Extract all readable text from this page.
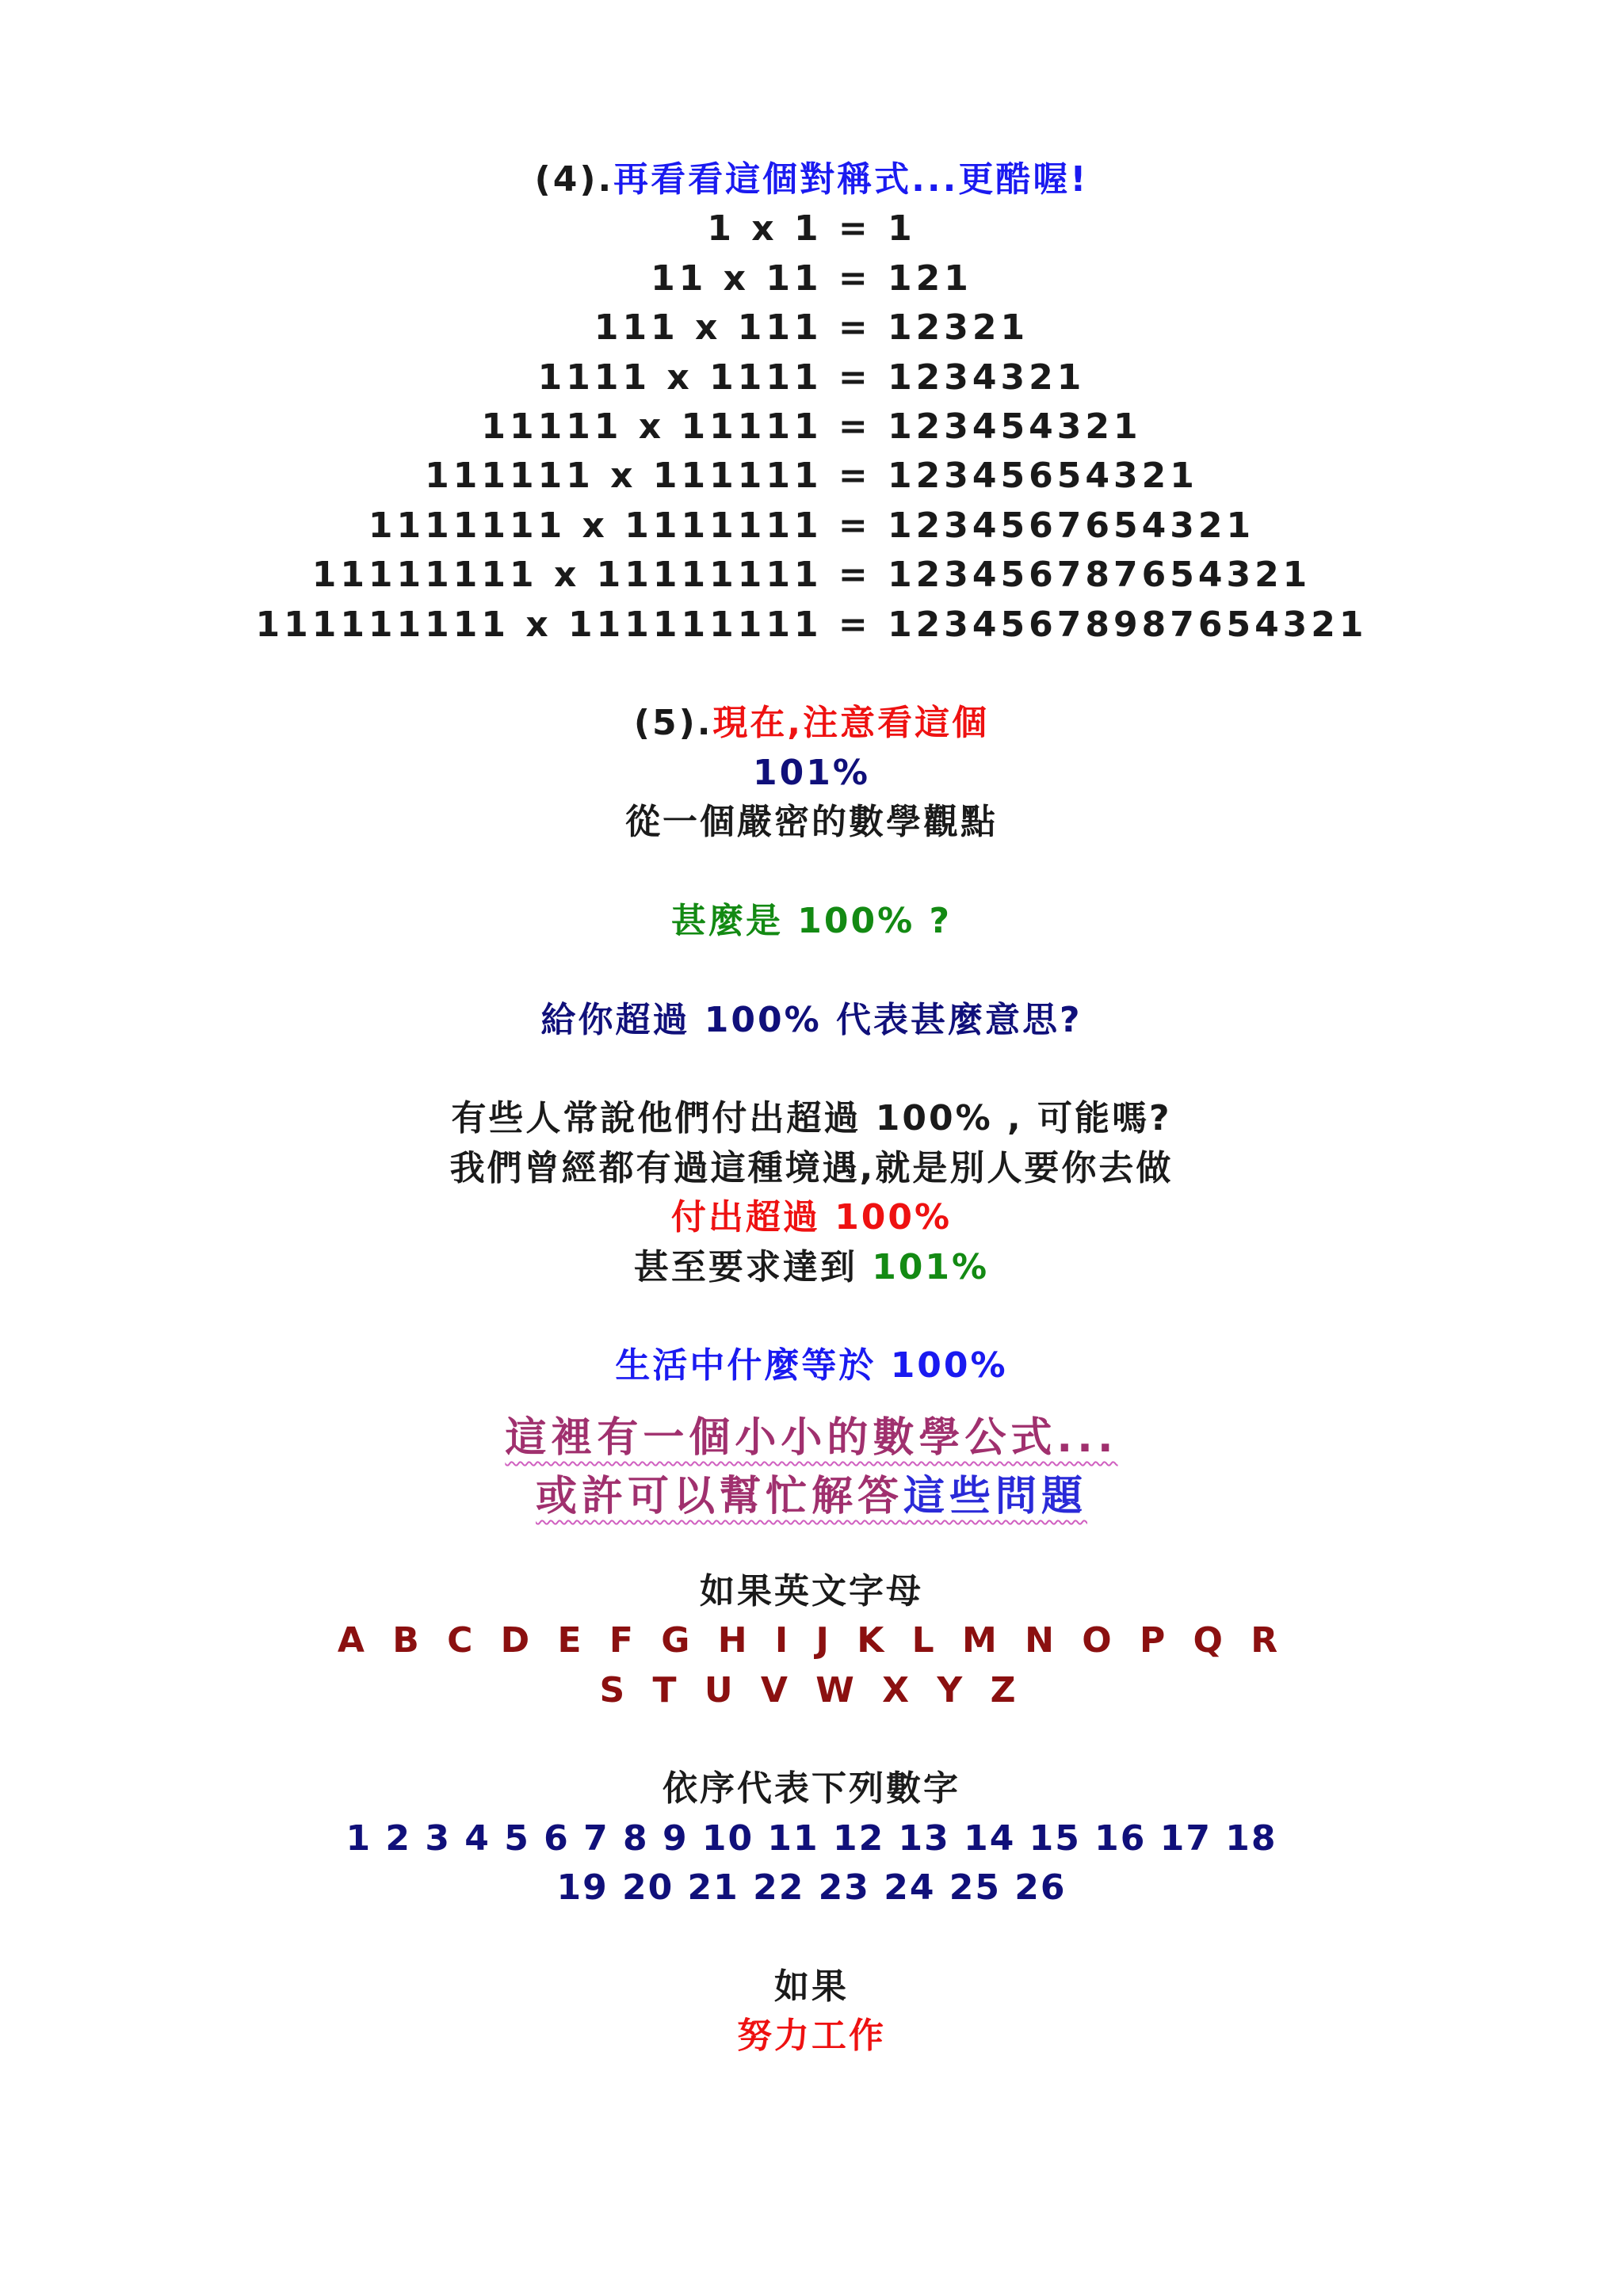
(4).再看看這個對稱式...更酷喔!
1 x 1 = 1
11 x 11 = 121
111 x 111 = 12321
1111 x 1111 = 1234321
11111 x 11111 = 123454321
111111 x 111111 = 12345654321
1111111 x 1111111 = 1234567654321
11111111 x 11111111 = 123456787654321
111111111 x 111111111 = 12345678987654321
(5).現在,注意看這個
101%
從一個嚴密的數學觀點
甚麼是 100% ?
給你超過 100% 代表甚麼意思?
有些人常說他們付出超過 100% , 可能嗎?
我們曾經都有過這種境遇,就是別人要你去做
付出超過 100%
甚至要求達到 101%
生活中什麼等於 100%
這裡有一個小小的數學公式...
或許可以幫忙解答這些問題
如果英文字母
A B C D E F G H I J K L M N O P Q R
S T U V W X Y Z
依序代表下列數字
1 2 3 4 5 6 7 8 9 10 11 12 13 14 15 16 17 18
19 20 21 22 23 24 25 26
如果
努力工作
